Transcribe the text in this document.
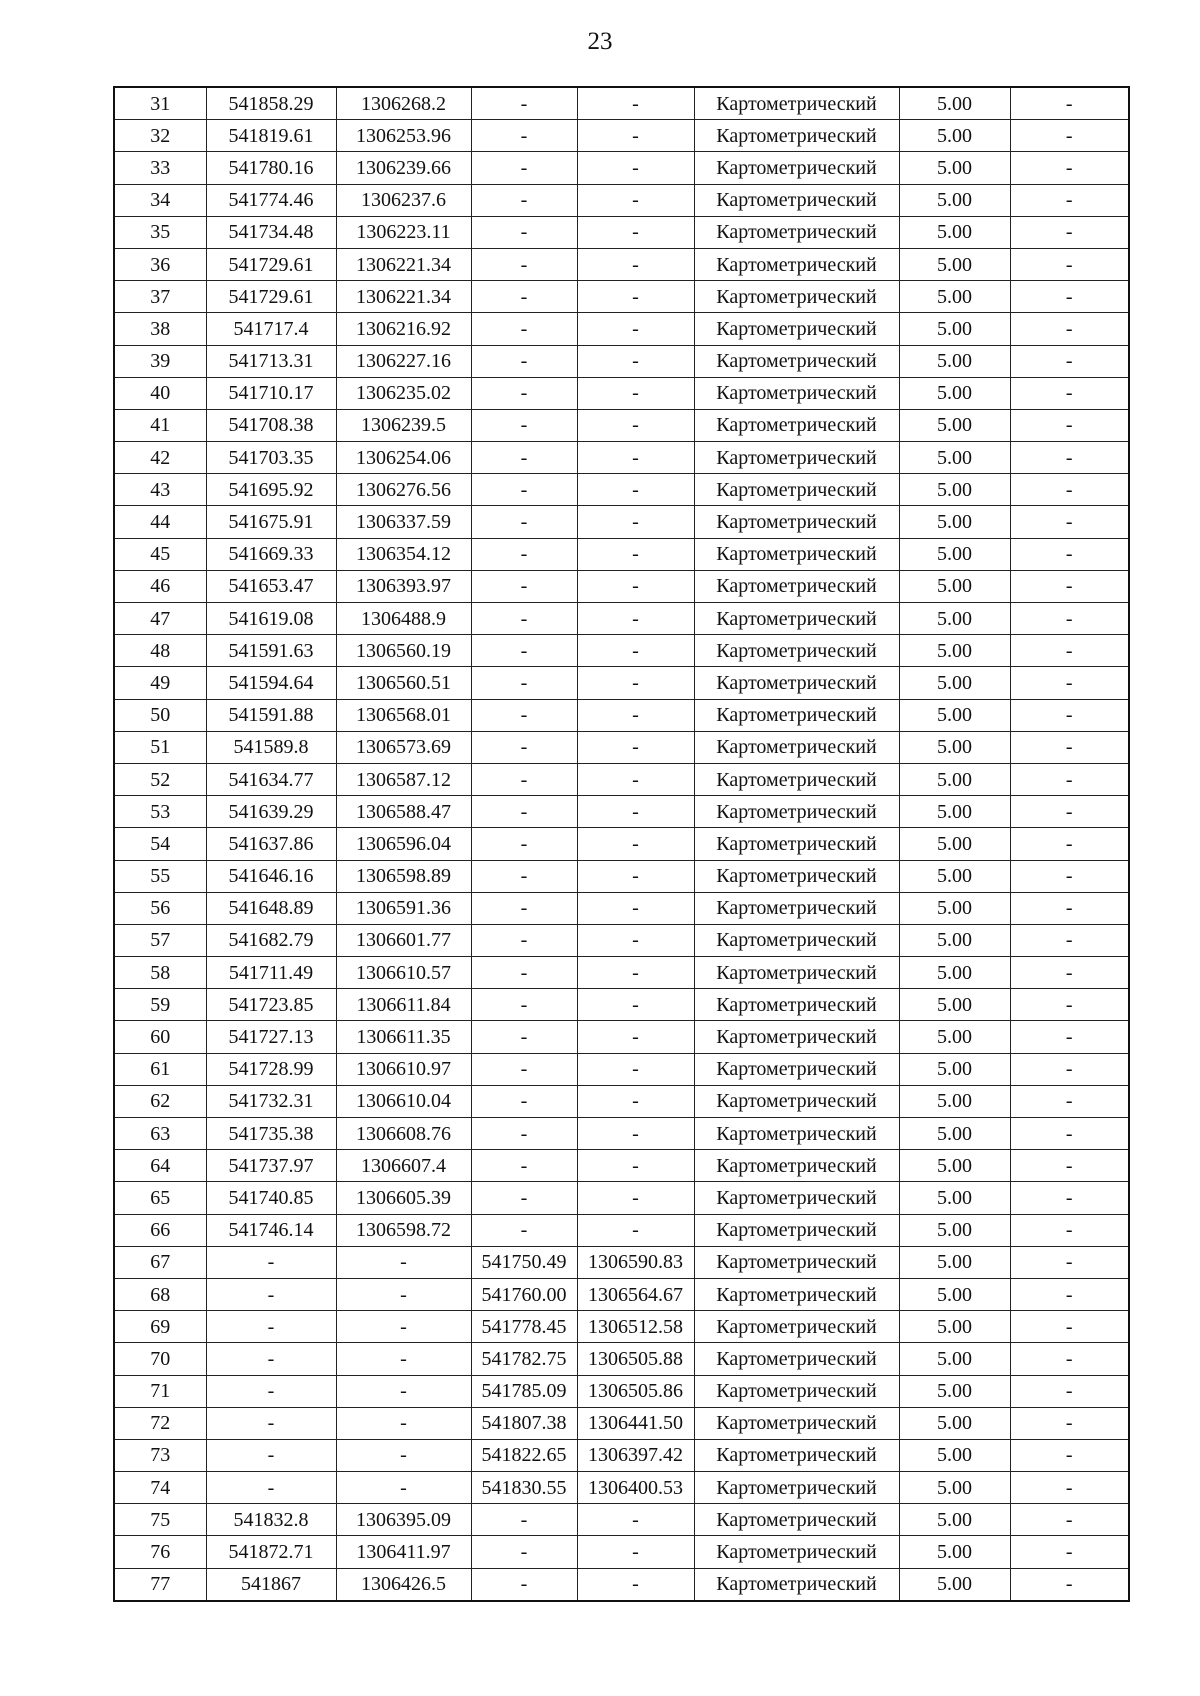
23
31	541858.29	1306268.2	-	-	Картометрический	5.00	-
32	541819.61	1306253.96	-	-	Картометрический	5.00	-
33	541780.16	1306239.66	-	-	Картометрический	5.00	-
34	541774.46	1306237.6	-	-	Картометрический	5.00	-
35	541734.48	1306223.11	-	-	Картометрический	5.00	-
36	541729.61	1306221.34	-	-	Картометрический	5.00	-
37	541729.61	1306221.34	-	-	Картометрический	5.00	-
38	541717.4	1306216.92	-	-	Картометрический	5.00	-
39	541713.31	1306227.16	-	-	Картометрический	5.00	-
40	541710.17	1306235.02	-	-	Картометрический	5.00	-
41	541708.38	1306239.5	-	-	Картометрический	5.00	-
42	541703.35	1306254.06	-	-	Картометрический	5.00	-
43	541695.92	1306276.56	-	-	Картометрический	5.00	-
44	541675.91	1306337.59	-	-	Картометрический	5.00	-
45	541669.33	1306354.12	-	-	Картометрический	5.00	-
46	541653.47	1306393.97	-	-	Картометрический	5.00	-
47	541619.08	1306488.9	-	-	Картометрический	5.00	-
48	541591.63	1306560.19	-	-	Картометрический	5.00	-
49	541594.64	1306560.51	-	-	Картометрический	5.00	-
50	541591.88	1306568.01	-	-	Картометрический	5.00	-
51	541589.8	1306573.69	-	-	Картометрический	5.00	-
52	541634.77	1306587.12	-	-	Картометрический	5.00	-
53	541639.29	1306588.47	-	-	Картометрический	5.00	-
54	541637.86	1306596.04	-	-	Картометрический	5.00	-
55	541646.16	1306598.89	-	-	Картометрический	5.00	-
56	541648.89	1306591.36	-	-	Картометрический	5.00	-
57	541682.79	1306601.77	-	-	Картометрический	5.00	-
58	541711.49	1306610.57	-	-	Картометрический	5.00	-
59	541723.85	1306611.84	-	-	Картометрический	5.00	-
60	541727.13	1306611.35	-	-	Картометрический	5.00	-
61	541728.99	1306610.97	-	-	Картометрический	5.00	-
62	541732.31	1306610.04	-	-	Картометрический	5.00	-
63	541735.38	1306608.76	-	-	Картометрический	5.00	-
64	541737.97	1306607.4	-	-	Картометрический	5.00	-
65	541740.85	1306605.39	-	-	Картометрический	5.00	-
66	541746.14	1306598.72	-	-	Картометрический	5.00	-
67	-	-	541750.49	1306590.83	Картометрический	5.00	-
68	-	-	541760.00	1306564.67	Картометрический	5.00	-
69	-	-	541778.45	1306512.58	Картометрический	5.00	-
70	-	-	541782.75	1306505.88	Картометрический	5.00	-
71	-	-	541785.09	1306505.86	Картометрический	5.00	-
72	-	-	541807.38	1306441.50	Картометрический	5.00	-
73	-	-	541822.65	1306397.42	Картометрический	5.00	-
74	-	-	541830.55	1306400.53	Картометрический	5.00	-
75	541832.8	1306395.09	-	-	Картометрический	5.00	-
76	541872.71	1306411.97	-	-	Картометрический	5.00	-
77	541867	1306426.5	-	-	Картометрический	5.00	-
